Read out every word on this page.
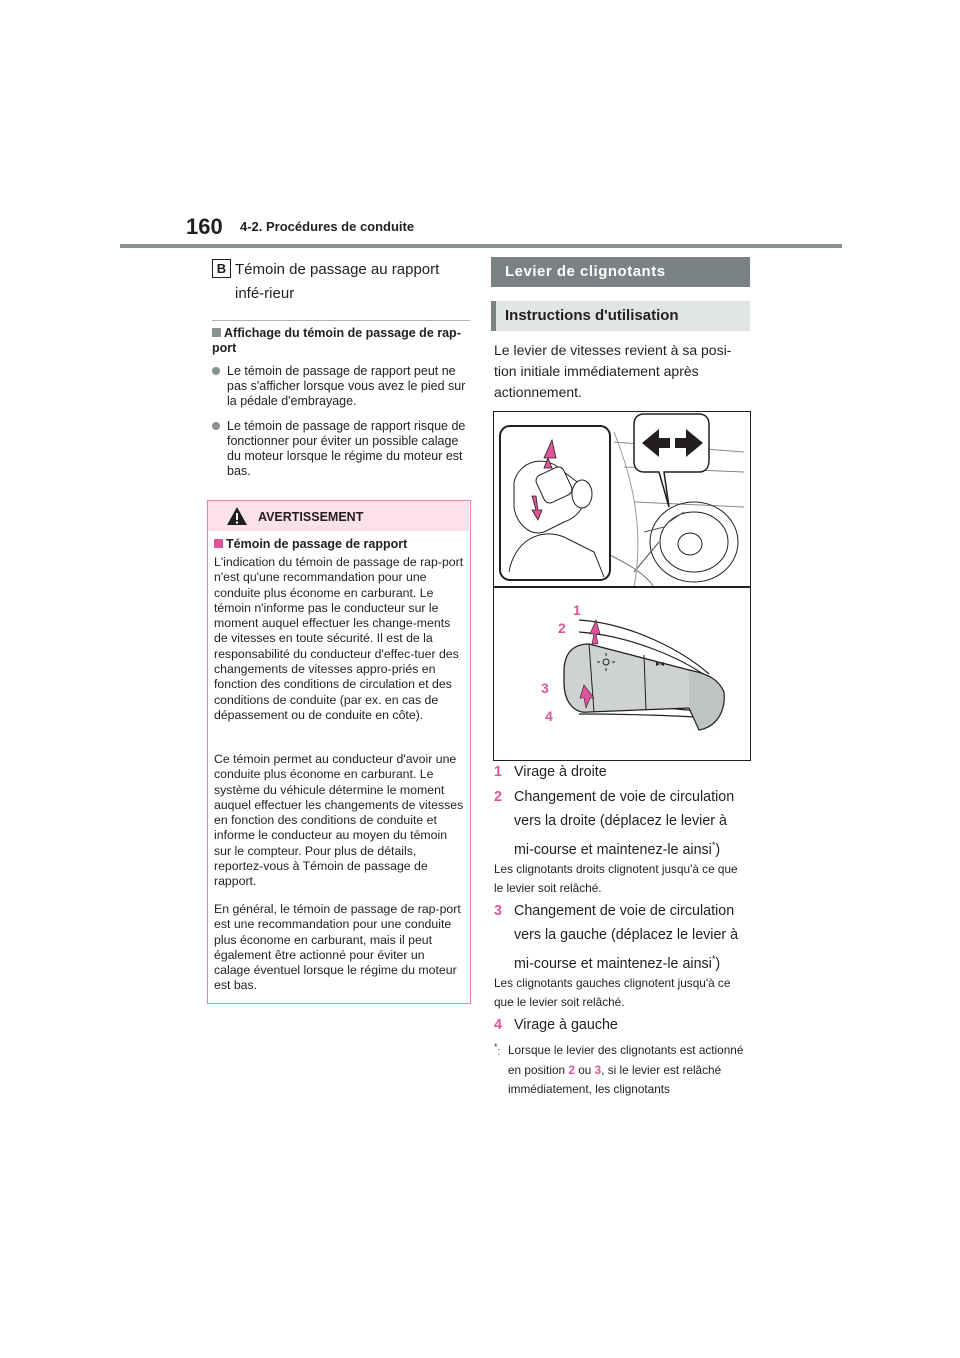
160 4-2. Procédures de conduite
B Témoin de passage au rapport infé-rieur
Affichage du témoin de passage de rap-port
Le témoin de passage de rapport peut ne pas s'afficher lorsque vous avez le pied sur la pédale d'embrayage.
Le témoin de passage de rapport risque de fonctionner pour éviter un possible calage du moteur lorsque le régime du moteur est bas.
AVERTISSEMENT
Témoin de passage de rapport
L'indication du témoin de passage de rap-port n'est qu'une recommandation pour une conduite plus économe en carburant. Le témoin n'informe pas le conducteur sur le moment auquel effectuer les change-ments de vitesses en toute sécurité. Il est de la responsabilité du conducteur d'effec-tuer des changements de vitesses appro-priés en fonction des conditions de circulation et des conditions de conduite (par ex. en cas de dépassement ou de conduite en côte).
Ce témoin permet au conducteur d'avoir une conduite plus économe en carburant. Le système du véhicule détermine le moment auquel effectuer les changements de vitesses en fonction des conditions de conduite et informe le conducteur au moyen du témoin sur le compteur. Pour plus de détails, reportez-vous à Témoin de passage de rapport.
En général, le témoin de passage de rap-port est une recommandation pour une conduite plus économe en carburant, mais il peut également être actionné pour éviter un calage éventuel lorsque le régime du moteur est bas.
Levier de clignotants
Instructions d'utilisation
Le levier de vitesses revient à sa posi-tion initiale immédiatement après actionnement.
1
2
3
4
1 Virage à droite
2 Changement de voie de circulation vers la droite (déplacez le levier à mi-course et maintenez-le ainsi*)
Les clignotants droits clignotent jusqu'à ce que le levier soit relâché.
3 Changement de voie de circulation vers la gauche (déplacez le levier à mi-course et maintenez-le ainsi*)
Les clignotants gauches clignotent jusqu'à ce que le levier soit relâché.
4 Virage à gauche
*: Lorsque le levier des clignotants est actionné en position 2 ou 3, si le levier est relâché immédiatement, les clignotants
